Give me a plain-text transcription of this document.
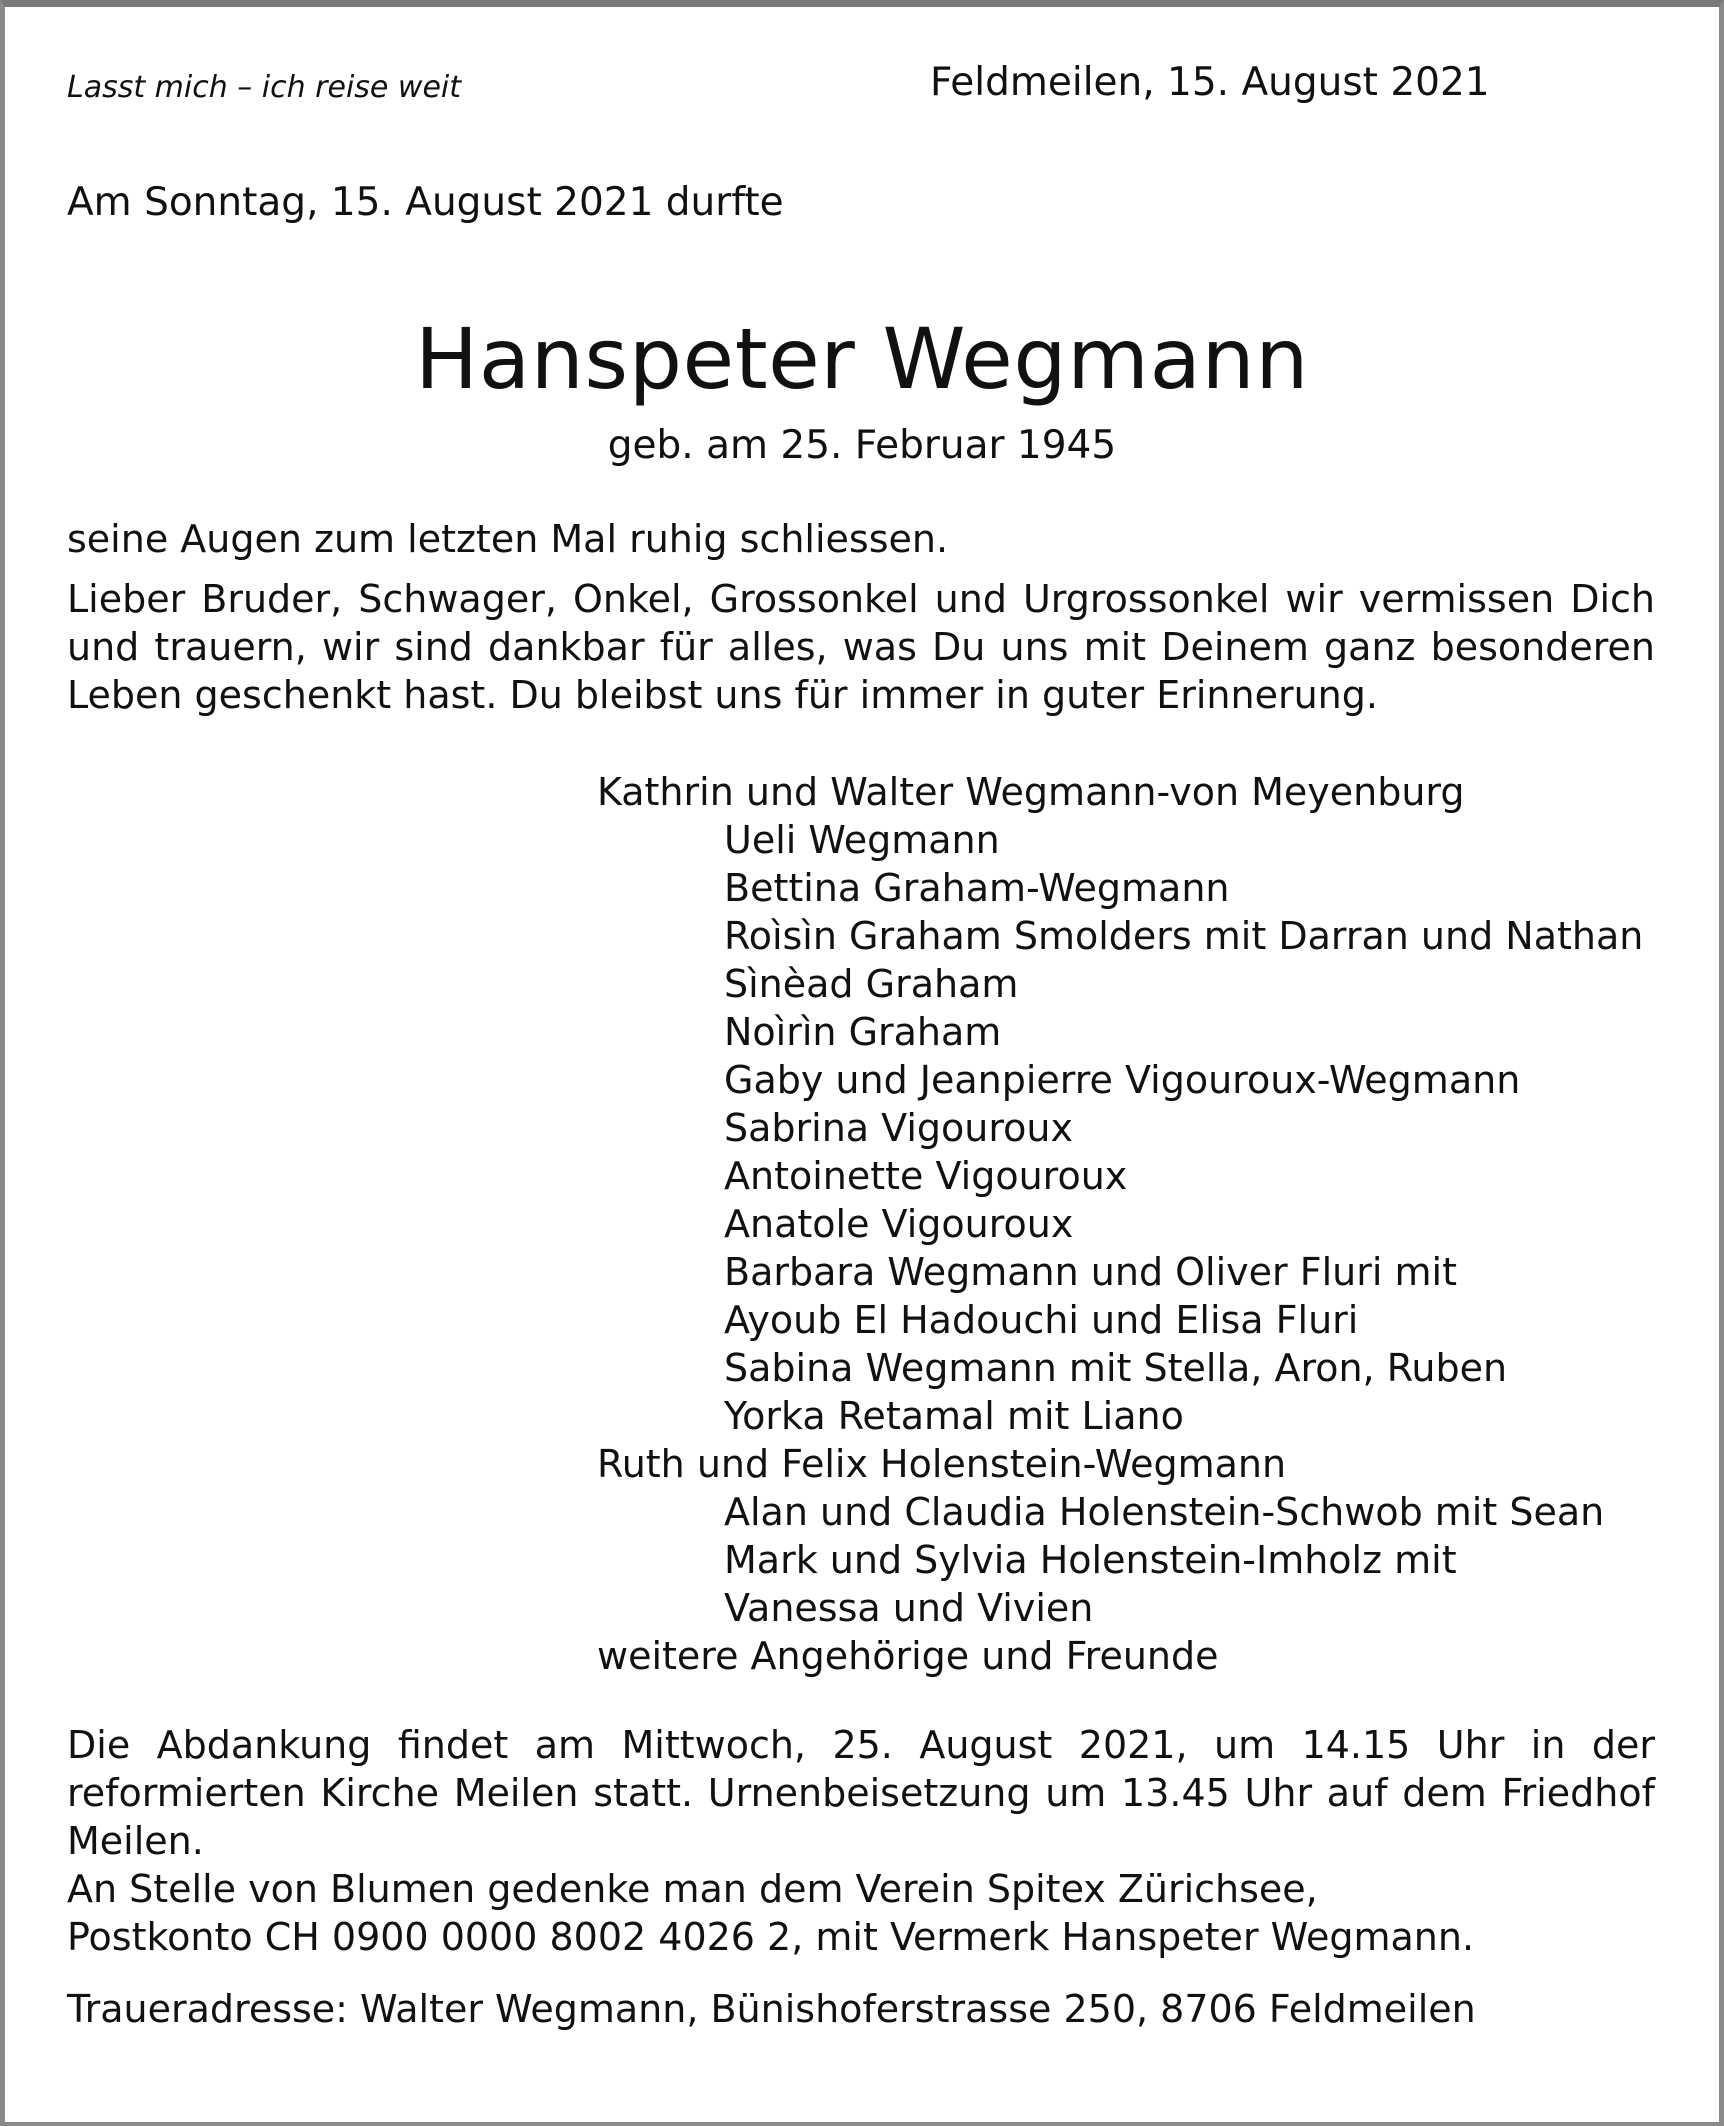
Lasst mich – ich reise weit	Feldmeilen, 15. August 2021
Am Sonntag, 15. August 2021 durfte
Hanspeter Wegmann
geb. am 25. Februar 1945
seine Augen zum letzten Mal ruhig schliessen.
Lieber Bruder, Schwager, Onkel, Grossonkel und Urgrossonkel wir vermissen Dich und trauern, wir sind dankbar für alles, was Du uns mit Deinem ganz besonderen Leben geschenkt hast. Du bleibst uns für immer in guter Erinnerung.
Kathrin und Walter Wegmann-von Meyenburg
Ueli Wegmann
Bettina Graham-Wegmann
Roìsìn Graham Smolders mit Darran und Nathan
Sìnèad Graham
Noìrìn Graham
Gaby und Jeanpierre Vigouroux-Wegmann
Sabrina Vigouroux
Antoinette Vigouroux
Anatole Vigouroux
Barbara Wegmann und Oliver Fluri mit
Ayoub El Hadouchi und Elisa Fluri
Sabina Wegmann mit Stella, Aron, Ruben
Yorka Retamal mit Liano
Ruth und Felix Holenstein-Wegmann
Alan und Claudia Holenstein-Schwob mit Sean
Mark und Sylvia Holenstein-Imholz mit
Vanessa und Vivien
weitere Angehörige und Freunde
Die Abdankung findet am Mittwoch, 25. August 2021, um 14.15 Uhr in der reformierten Kirche Meilen statt. Urnenbeisetzung um 13.45 Uhr auf dem Friedhof Meilen.
An Stelle von Blumen gedenke man dem Verein Spitex Zürichsee,
Postkonto CH 0900 0000 8002 4026 2, mit Vermerk Hanspeter Wegmann.
Traueradresse: Walter Wegmann, Bünishoferstrasse 250, 8706 Feldmeilen
